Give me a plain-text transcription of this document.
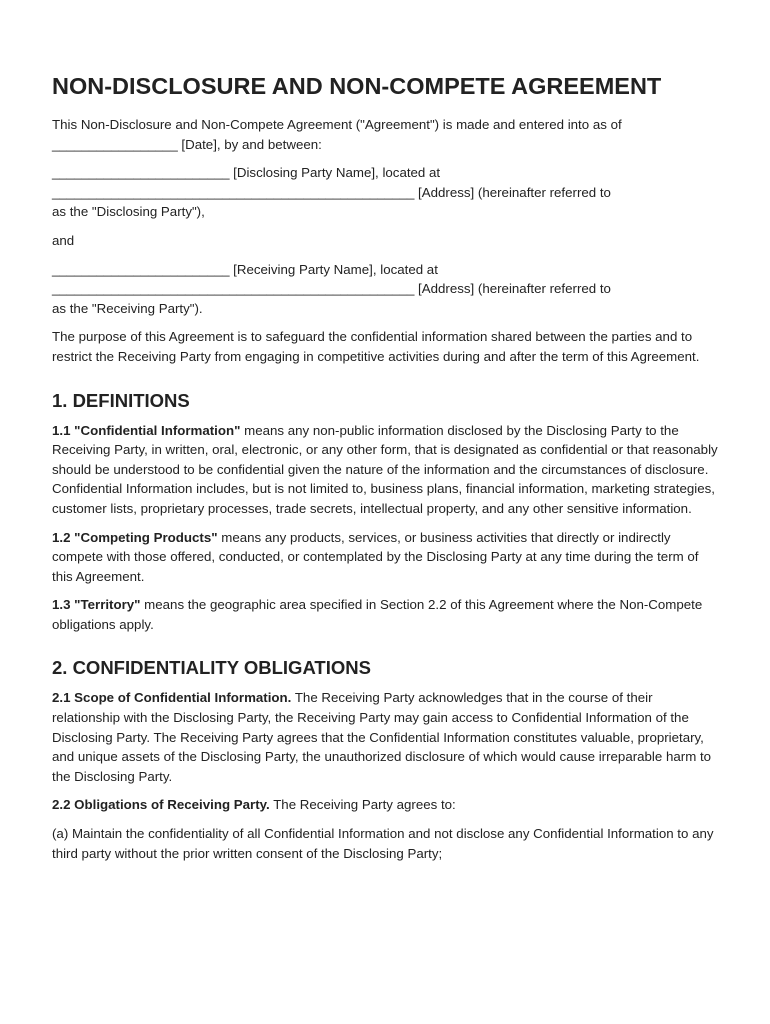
NON-DISCLOSURE AND NON-COMPETE AGREEMENT

This Non-Disclosure and Non-Compete Agreement ("Agreement") is made and entered into as of
_________________ [Date], by and between:

________________________ [Disclosing Party Name], located at
_________________________________________________ [Address] (hereinafter referred to
as the "Disclosing Party"),

and

________________________ [Receiving Party Name], located at
_________________________________________________ [Address] (hereinafter referred to
as the "Receiving Party").

The purpose of this Agreement is to safeguard the confidential information shared between the parties and to restrict the Receiving Party from engaging in competitive activities during and after the term of this Agreement.

1. DEFINITIONS

1.1 "Confidential Information" means any non-public information disclosed by the Disclosing Party to the Receiving Party, in written, oral, electronic, or any other form, that is designated as confidential or that reasonably should be understood to be confidential given the nature of the information and the circumstances of disclosure. Confidential Information includes, but is not limited to, business plans, financial information, marketing strategies, customer lists, proprietary processes, trade secrets, intellectual property, and any other sensitive information.

1.2 "Competing Products" means any products, services, or business activities that directly or indirectly compete with those offered, conducted, or contemplated by the Disclosing Party at any time during the term of this Agreement.

1.3 "Territory" means the geographic area specified in Section 2.2 of this Agreement where the Non-Compete obligations apply.

2. CONFIDENTIALITY OBLIGATIONS

2.1 Scope of Confidential Information. The Receiving Party acknowledges that in the course of their relationship with the Disclosing Party, the Receiving Party may gain access to Confidential Information of the Disclosing Party. The Receiving Party agrees that the Confidential Information constitutes valuable, proprietary, and unique assets of the Disclosing Party, the unauthorized disclosure of which would cause irreparable harm to the Disclosing Party.

2.2 Obligations of Receiving Party. The Receiving Party agrees to:

(a) Maintain the confidentiality of all Confidential Information and not disclose any Confidential Information to any third party without the prior written consent of the Disclosing Party;
